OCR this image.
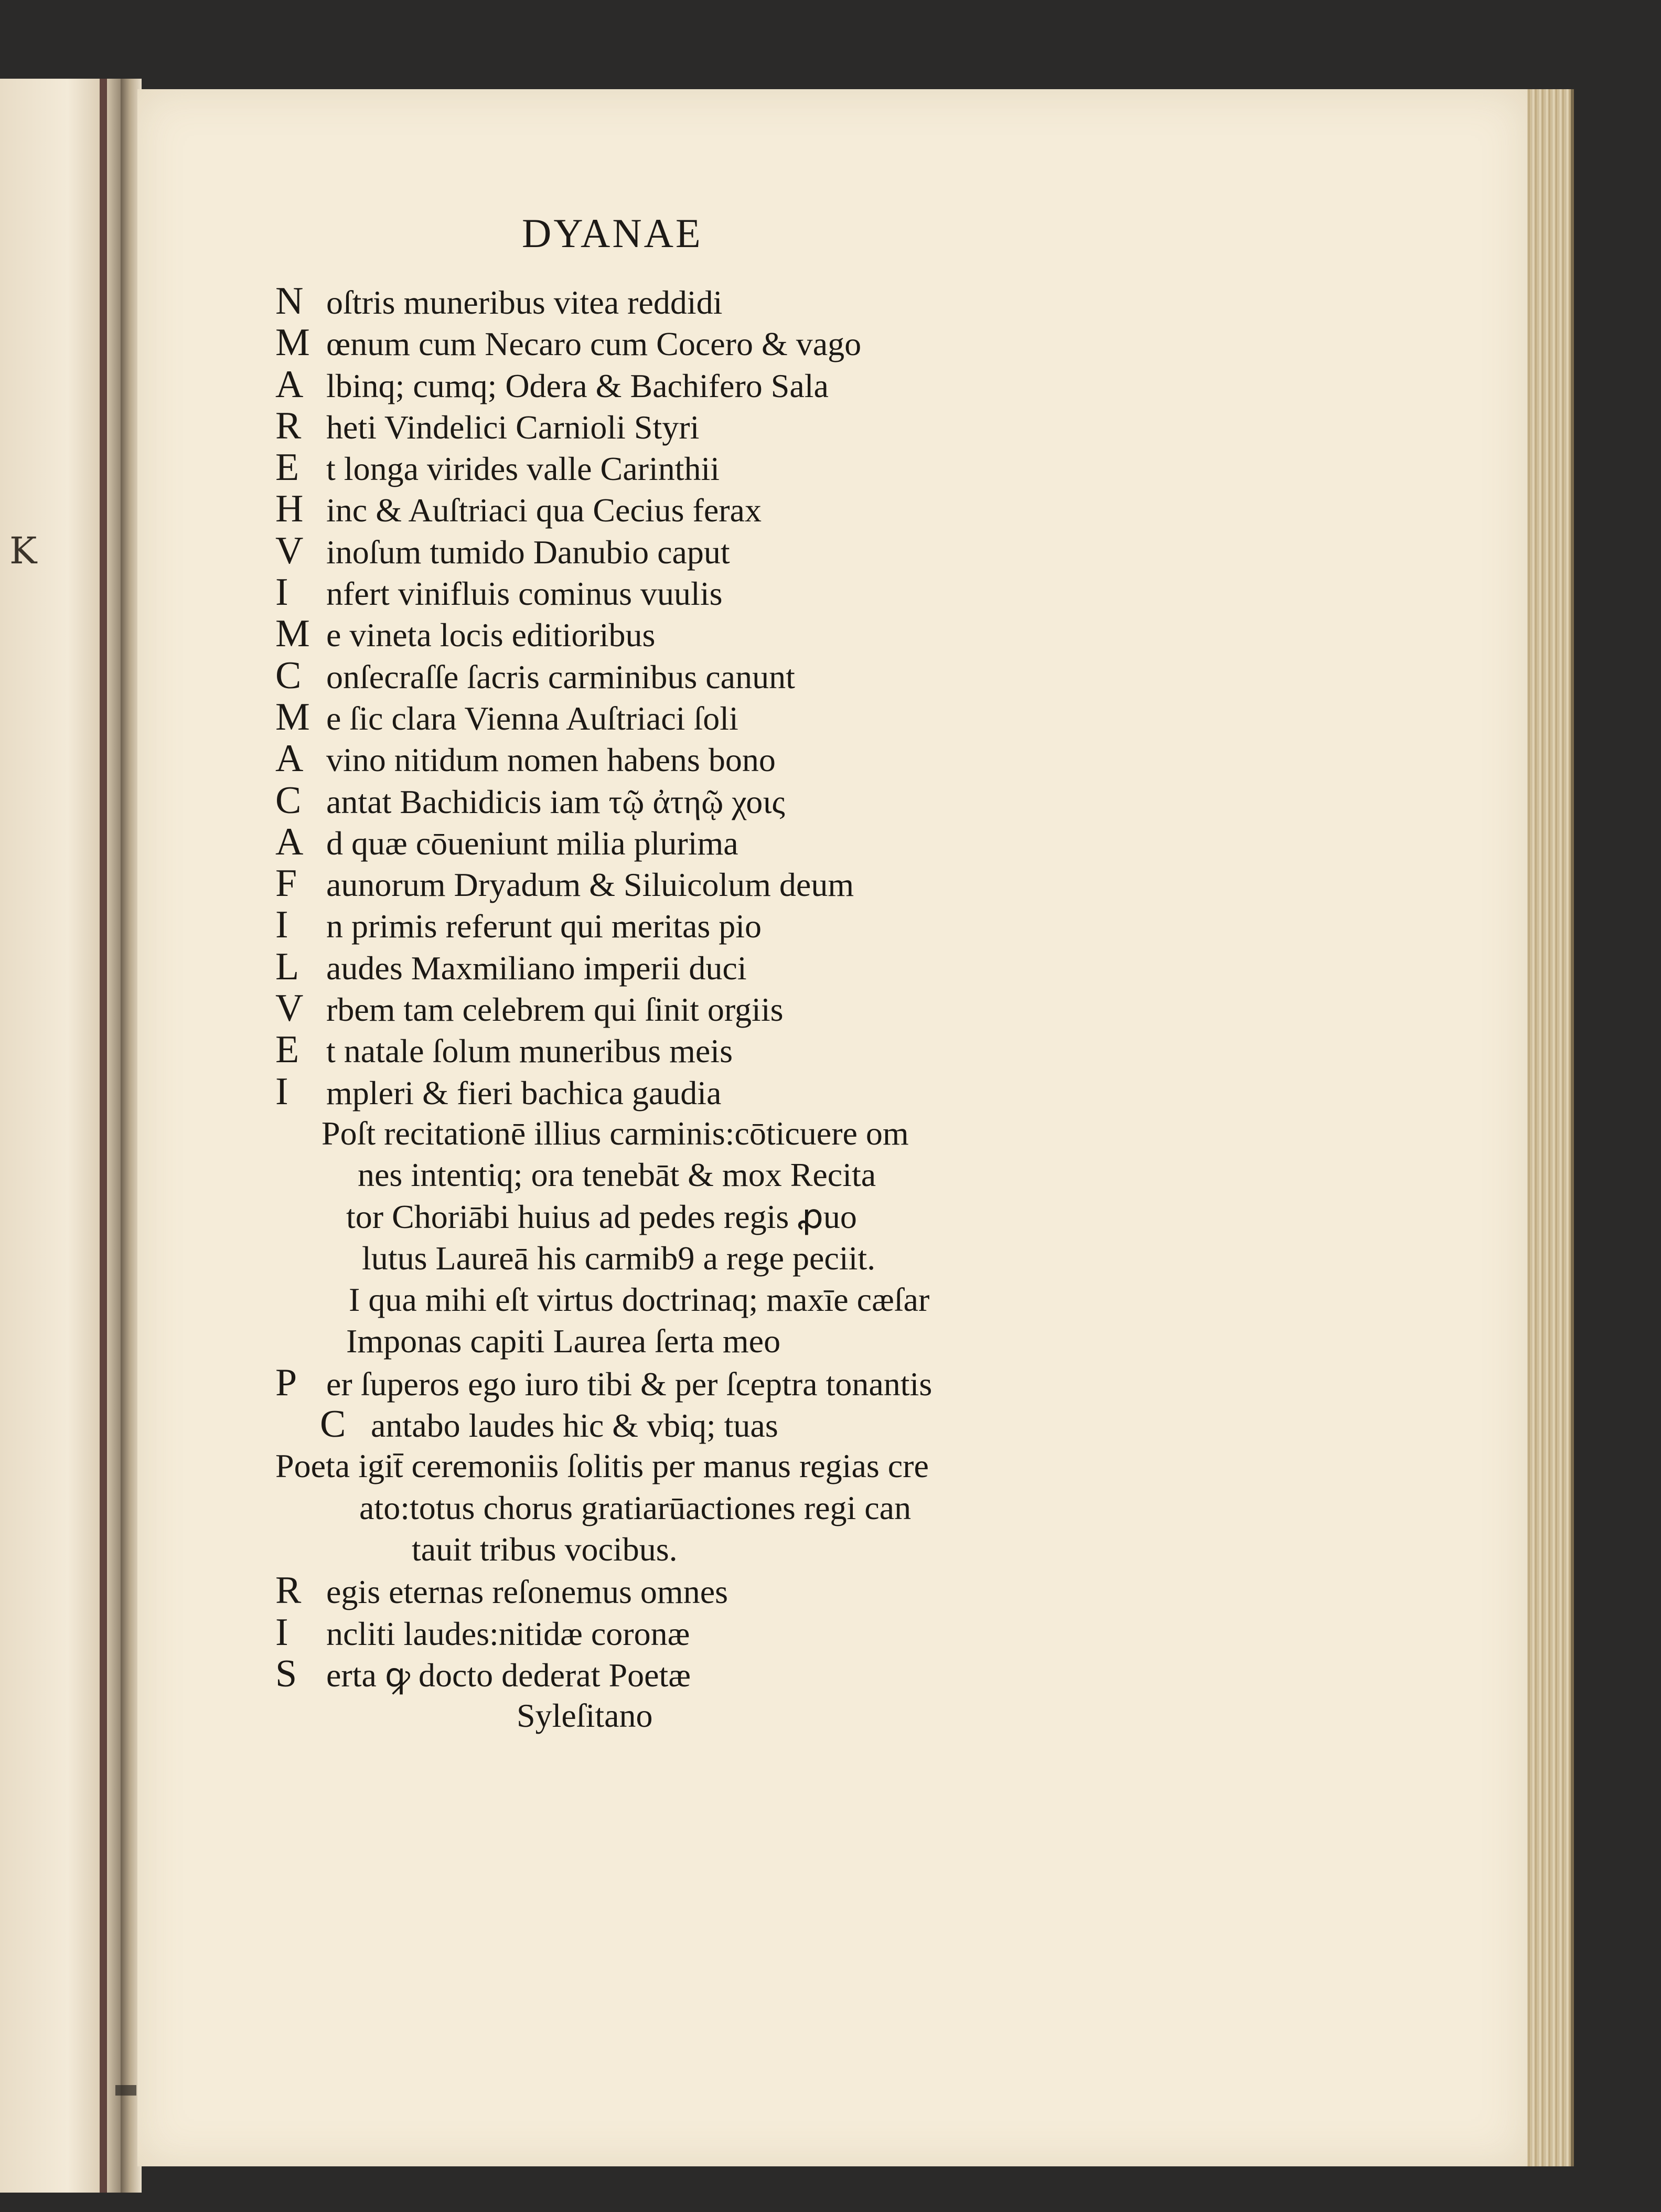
K
DYANAE
N oſtris muneribus vitea reddidi
M œnum cum Necaro cum Cocero & vago
A lbinq; cumq; Odera & Bachifero Sala
R heti Vindelici Carnioli Styri
E t longa virides valle Carinthii
H inc & Auſtriaci qua Cecius ferax
V inoſum tumido Danubio caput
I nfert vinifluis cominus vuulis
M e vineta locis editioribus
C onſecraſſe ſacris carminibus canunt
M e ſic clara Vienna Auſtriaci ſoli
A vino nitidum nomen habens bono
C antat Bachidicis iam τῷ ἀτηῷ χοις
A d quæ cōueniunt milia plurima
F aunorum Dryadum & Siluicolum deum
I n primis referunt qui meritas pio
L audes Maxmiliano imperii duci
V rbem tam celebrem qui ſinit orgiis
E t natale ſolum muneribus meis
I mpleri & fieri bachica gaudia
Poſt recitationē illius carminis:cōticuere om
nes intentiq; ora tenebāt & mox Recita
tor Choriābi huius ad pedes regis ꝓuo
lutus Laureā his carmib9 a rege peciit.
I qua mihi eſt virtus doctrinaq; maxīe cæſar
Imponas capiti Laurea ſerta meo
P er ſuperos ego iuro tibi & per ſceptra tonantis
C antabo laudes hic & vbiq; tuas
Poeta igit̄ ceremoniis ſolitis per manus regias cre
ato:totus chorus gratiarūactiones regi can
tauit tribus vocibus.
R egis eternas reſonemus omnes
I ncliti laudes:nitidæ coronæ
S erta ꝙ docto dederat Poetæ
Syleſitano
